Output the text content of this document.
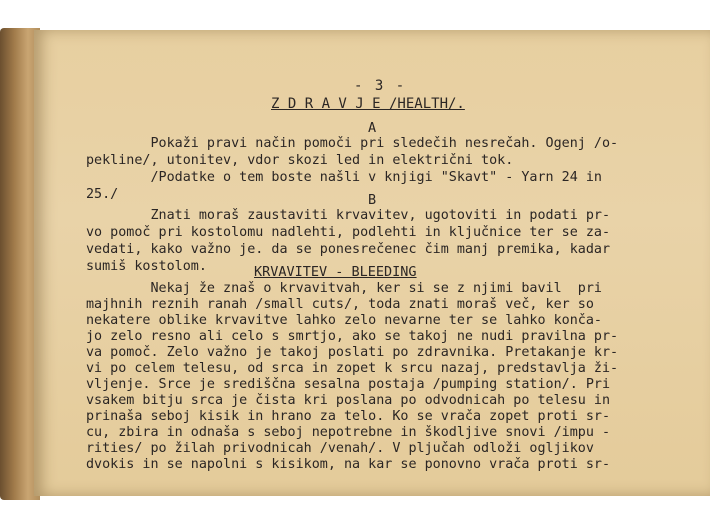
- 3 -

Z D R A V J E /HEALTH/.

A

Pokaži pravi način pomoči pri sledečih nesrečah. Ogenj /o-

pekline/, utonitev, vdor skozi led in električni tok.

/Podatke o tem boste našli v knjigi "Skavt" - Yarn 24 in

25./

	B

Znati moraš zaustaviti krvavitev, ugotoviti in podati pr-

vo pomoč pri kostolomu nadlehti, podlehti in ključnice ter se za-

vedati, kako važno je. da se ponesrečenec čim manj premika, kadar

sumiš kostolom.

	KRVAVITEV - BLEEDING

Nekaj že znaš o krvavitvah, ker si se z njimi bavil  pri

majhnih reznih ranah /small cuts/, toda znati moraš več, ker so

nekatere oblike krvavitve lahko zelo nevarne ter se lahko konča-

jo zelo resno ali celo s smrtjo, ako se takoj ne nudi pravilna pr-

va pomoč. Zelo važno je takoj poslati po zdravnika. Pretakanje kr-

vi po celem telesu, od srca in zopet k srcu nazaj, predstavlja ži-

vljenje. Srce je središčna sesalna postaja /pumping station/. Pri

vsakem bitju srca je čista kri poslana po odvodnicah po telesu in

prinaša seboj kisik in hrano za telo. Ko se vrača zopet proti sr-

cu, zbira in odnaša s seboj nepotrebne in škodljive snovi /impu -

rities/ po žilah privodnicah /venah/. V pljučah odloži ogljikov

dvokis in se napolni s kisikom, na kar se ponovno vrača proti sr-
